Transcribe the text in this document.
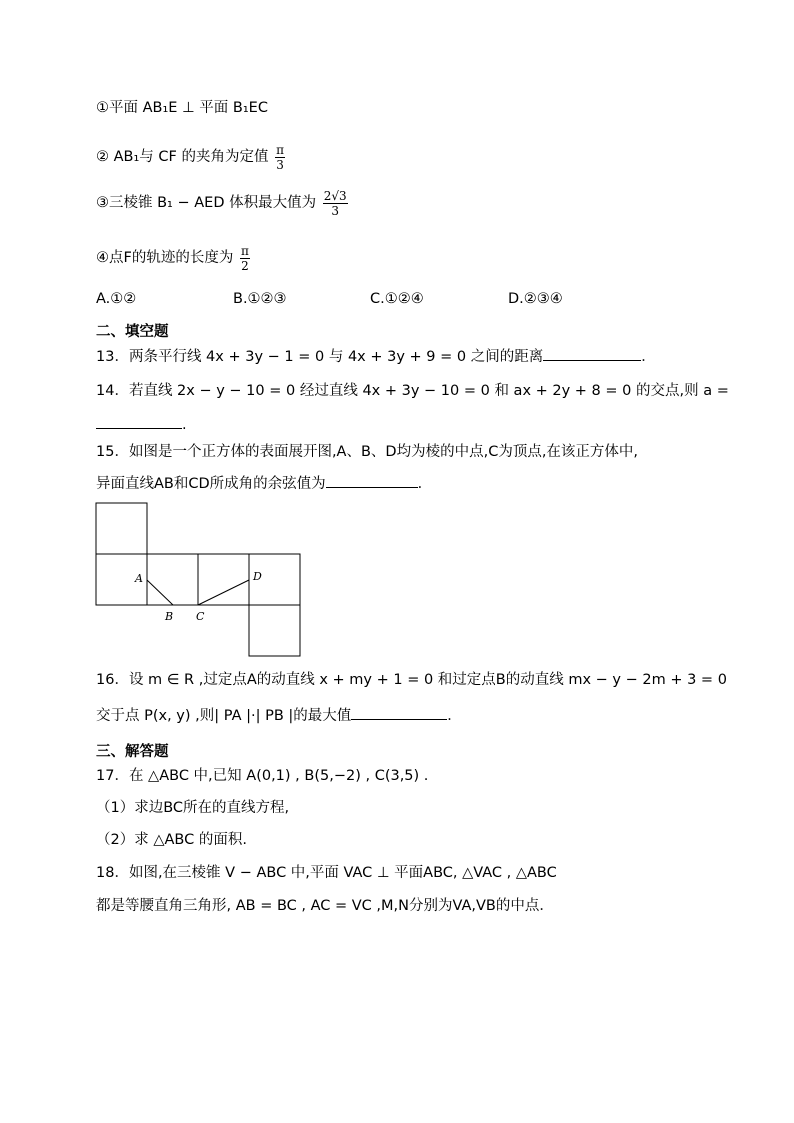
①平面 AB₁E ⊥ 平面 B₁EC
② AB₁与 CF 的夹角为定值 $\frac{\pi}{3}$
③三棱锥 B₁ − AED 体积最大值为 $\frac{2√3}{3}$
④点F的轨迹的长度为 $\frac{\pi}{2}$
A.①②	B.①②③	C.①②④	D.②③④
二、填空题
13．两条平行线 4x + 3y − 1 = 0 与 4x + 3y + 9 = 0 之间的距离	．
14．若直线 2x − y − 10 = 0 经过直线 4x + 3y − 10 = 0 和 ax + 2y + 8 = 0 的交点,则 a =
.
15．如图是一个正方体的表面展开图,A、B、D均为棱的中点,C为顶点,在该正方体中,
异面直线AB和CD所成角的余弦值为	．
A
B C
D
16．设 m ∈ R ,过定点A的动直线 x + my + 1 = 0 和过定点B的动直线 mx − y − 2m + 3 = 0
交于点 P(x, y) ,则| PA |·| PB |的最大值	．
三、解答题
17．在 △ABC 中,已知 A(0,1) , B(5,−2) , C(3,5) .
（1）求边BC所在的直线方程,
（2）求 △ABC 的面积.
18．如图,在三棱锥 V − ABC 中,平面 VAC ⊥ 平面ABC, △VAC , △ABC
都是等腰直角三角形, AB = BC , AC = VC ,M,N分别为VA,VB的中点．
